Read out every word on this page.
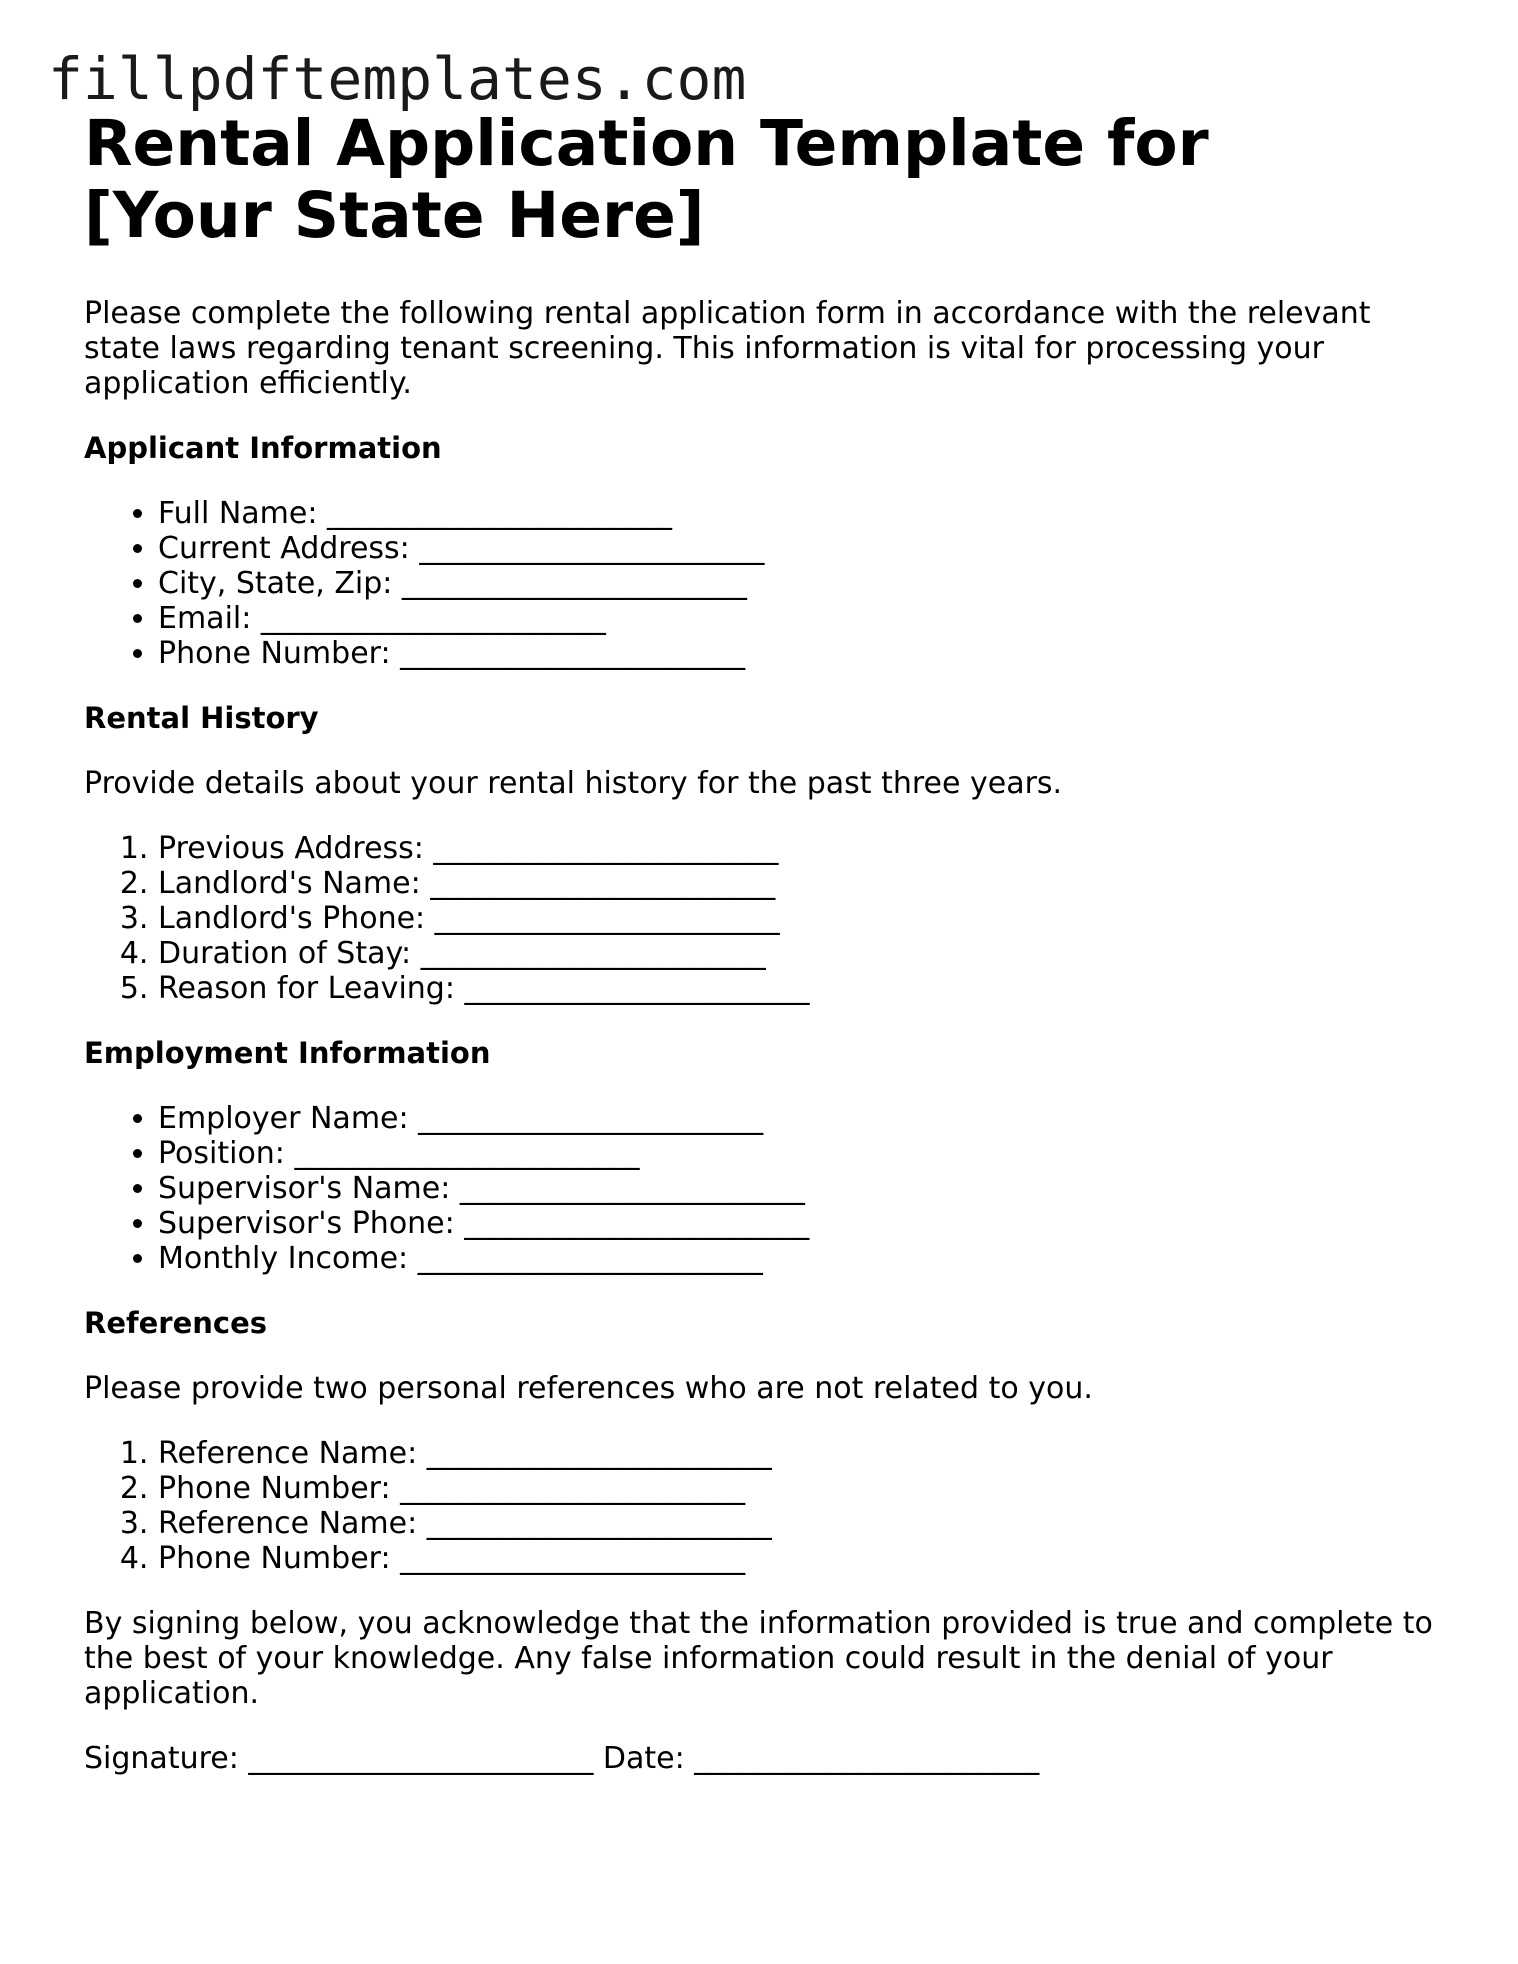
fillpdftemplates.com
Rental Application Template for [Your State Here]

Please complete the following rental application form in accordance with the relevant state laws regarding tenant screening. This information is vital for processing your application efficiently.

Applicant Information
• Full Name: _______________________
• Current Address: _______________________
• City, State, Zip: _______________________
• Email: _______________________
• Phone Number: _______________________
Rental History

Provide details about your rental history for the past three years.

1. Previous Address: _______________________
2. Landlord's Name: _______________________
3. Landlord's Phone: _______________________
4. Duration of Stay: _______________________
5. Reason for Leaving: _______________________
Employment Information
• Employer Name: _______________________
• Position: _______________________
• Supervisor's Name: _______________________
• Supervisor's Phone: _______________________
• Monthly Income: _______________________
References

Please provide two personal references who are not related to you.

1. Reference Name: _______________________
2. Phone Number: _______________________
3. Reference Name: _______________________
4. Phone Number: _______________________

By signing below, you acknowledge that the information provided is true and complete to the best of your knowledge. Any false information could result in the denial of your application.

Signature: _______________________ Date: _______________________
